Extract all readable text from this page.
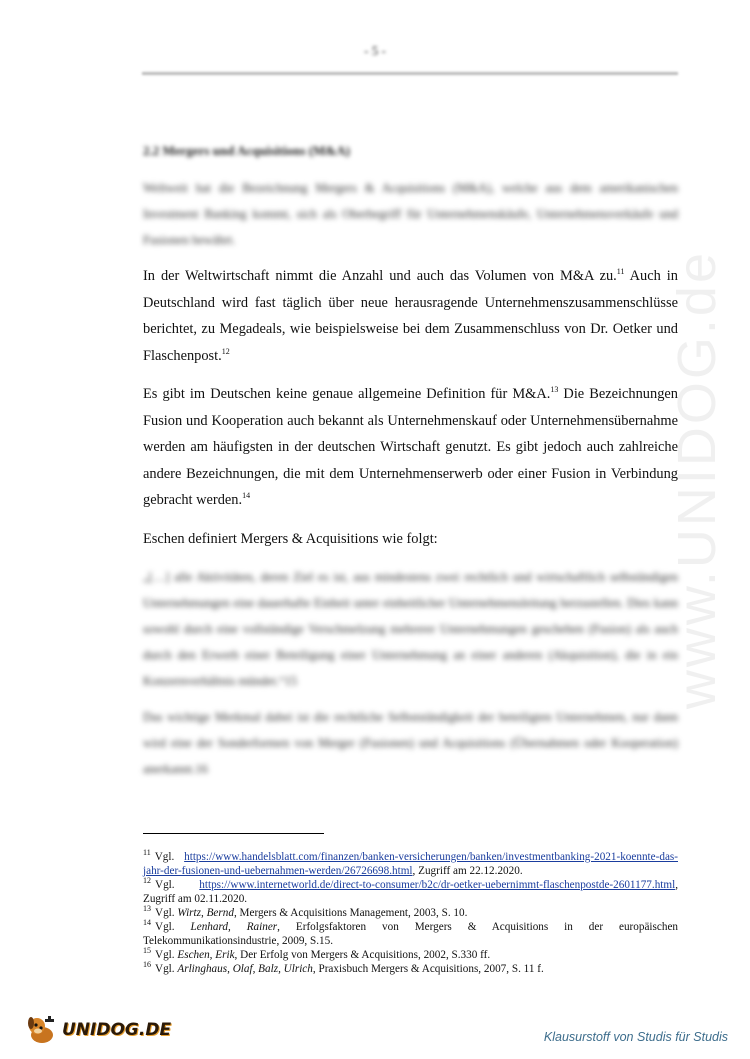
www.UNIDOG.de
- 5 -
2.2 Mergers und Acquisitions (M&A)

Weltweit hat die Bezeichnung Mergers & Acquisitions (M&A), welche aus dem amerikanischen Investment Banking kommt, sich als Oberbegriff für Unternehmenskäufe, Unternehmensverkäufe und Fusionen bewährt.

In der Weltwirtschaft nimmt die Anzahl und auch das Volumen von M&A zu.$^{11}$ Auch in Deutschland wird fast täglich über neue herausragende Unternehmenszusammenschlüsse berichtet, zu Megadeals, wie beispielsweise bei dem Zusammenschluss von Dr. Oetker und Flaschenpost.$^{12}$

Es gibt im Deutschen keine genaue allgemeine Definition für M&A.$^{13}$ Die Bezeichnungen Fusion und Kooperation auch bekannt als Unternehmenskauf oder Unternehmensübernahme werden am häufigsten in der deutschen Wirtschaft genutzt. Es gibt jedoch auch zahlreiche andere Bezeichnungen, die mit dem Unternehmenserwerb oder einer Fusion in Verbindung gebracht werden.$^{14}$

Eschen definiert Mergers & Acquisitions wie folgt:

„[…] alle Aktivitäten, deren Ziel es ist, aus mindestens zwei rechtlich und wirtschaftlich selbständigen Unternehmungen eine dauerhafte Einheit unter einheitlicher Unternehmensleitung herzustellen. Dies kann sowohl durch eine vollständige Verschmelzung mehrerer Unternehmungen geschehen (Fusion) als auch durch den Erwerb einer Beteiligung einer Unternehmung an einer anderen (Akquisition), die in ein Konzernverhältnis mündet.“15

Das wichtige Merkmal dabei ist die rechtliche Selbstständigkeit der beteiligten Unternehmen, nur dann wird eine der Sonderformen von Merger (Fusionen) und Acquisitions (Übernahmen oder Kooperation) anerkannt.16

$^{11}$ Vgl. https://www.handelsblatt.com/finanzen/banken-versicherungen/banken/investmentbanking-2021-koennte-das-jahr-der-fusionen-und-uebernahmen-werden/26726698.html, Zugriff am 22.12.2020.

$^{12}$ Vgl. https://www.internetworld.de/direct-to-consumer/b2c/dr-oetker-uebernimmt-flaschenpostde-2601177.html, Zugriff am 02.11.2020.

$^{13}$ Vgl. Wirtz, Bernd, Mergers & Acquisitions Management, 2003, S. 10.

$^{14}$ Vgl. Lenhard, Rainer, Erfolgsfaktoren von Mergers & Acquisitions in der europäischen Telekommunikationsindustrie, 2009, S.15.

$^{15}$ Vgl. Eschen, Erik, Der Erfolg von Mergers & Acquisitions, 2002, S.330 ff.

$^{16}$ Vgl. Arlinghaus, Olaf, Balz, Ulrich, Praxisbuch Mergers & Acquisitions, 2007, S. 11 f.

UNIDOG.DE	Klausurstoff von Studis für Studis
